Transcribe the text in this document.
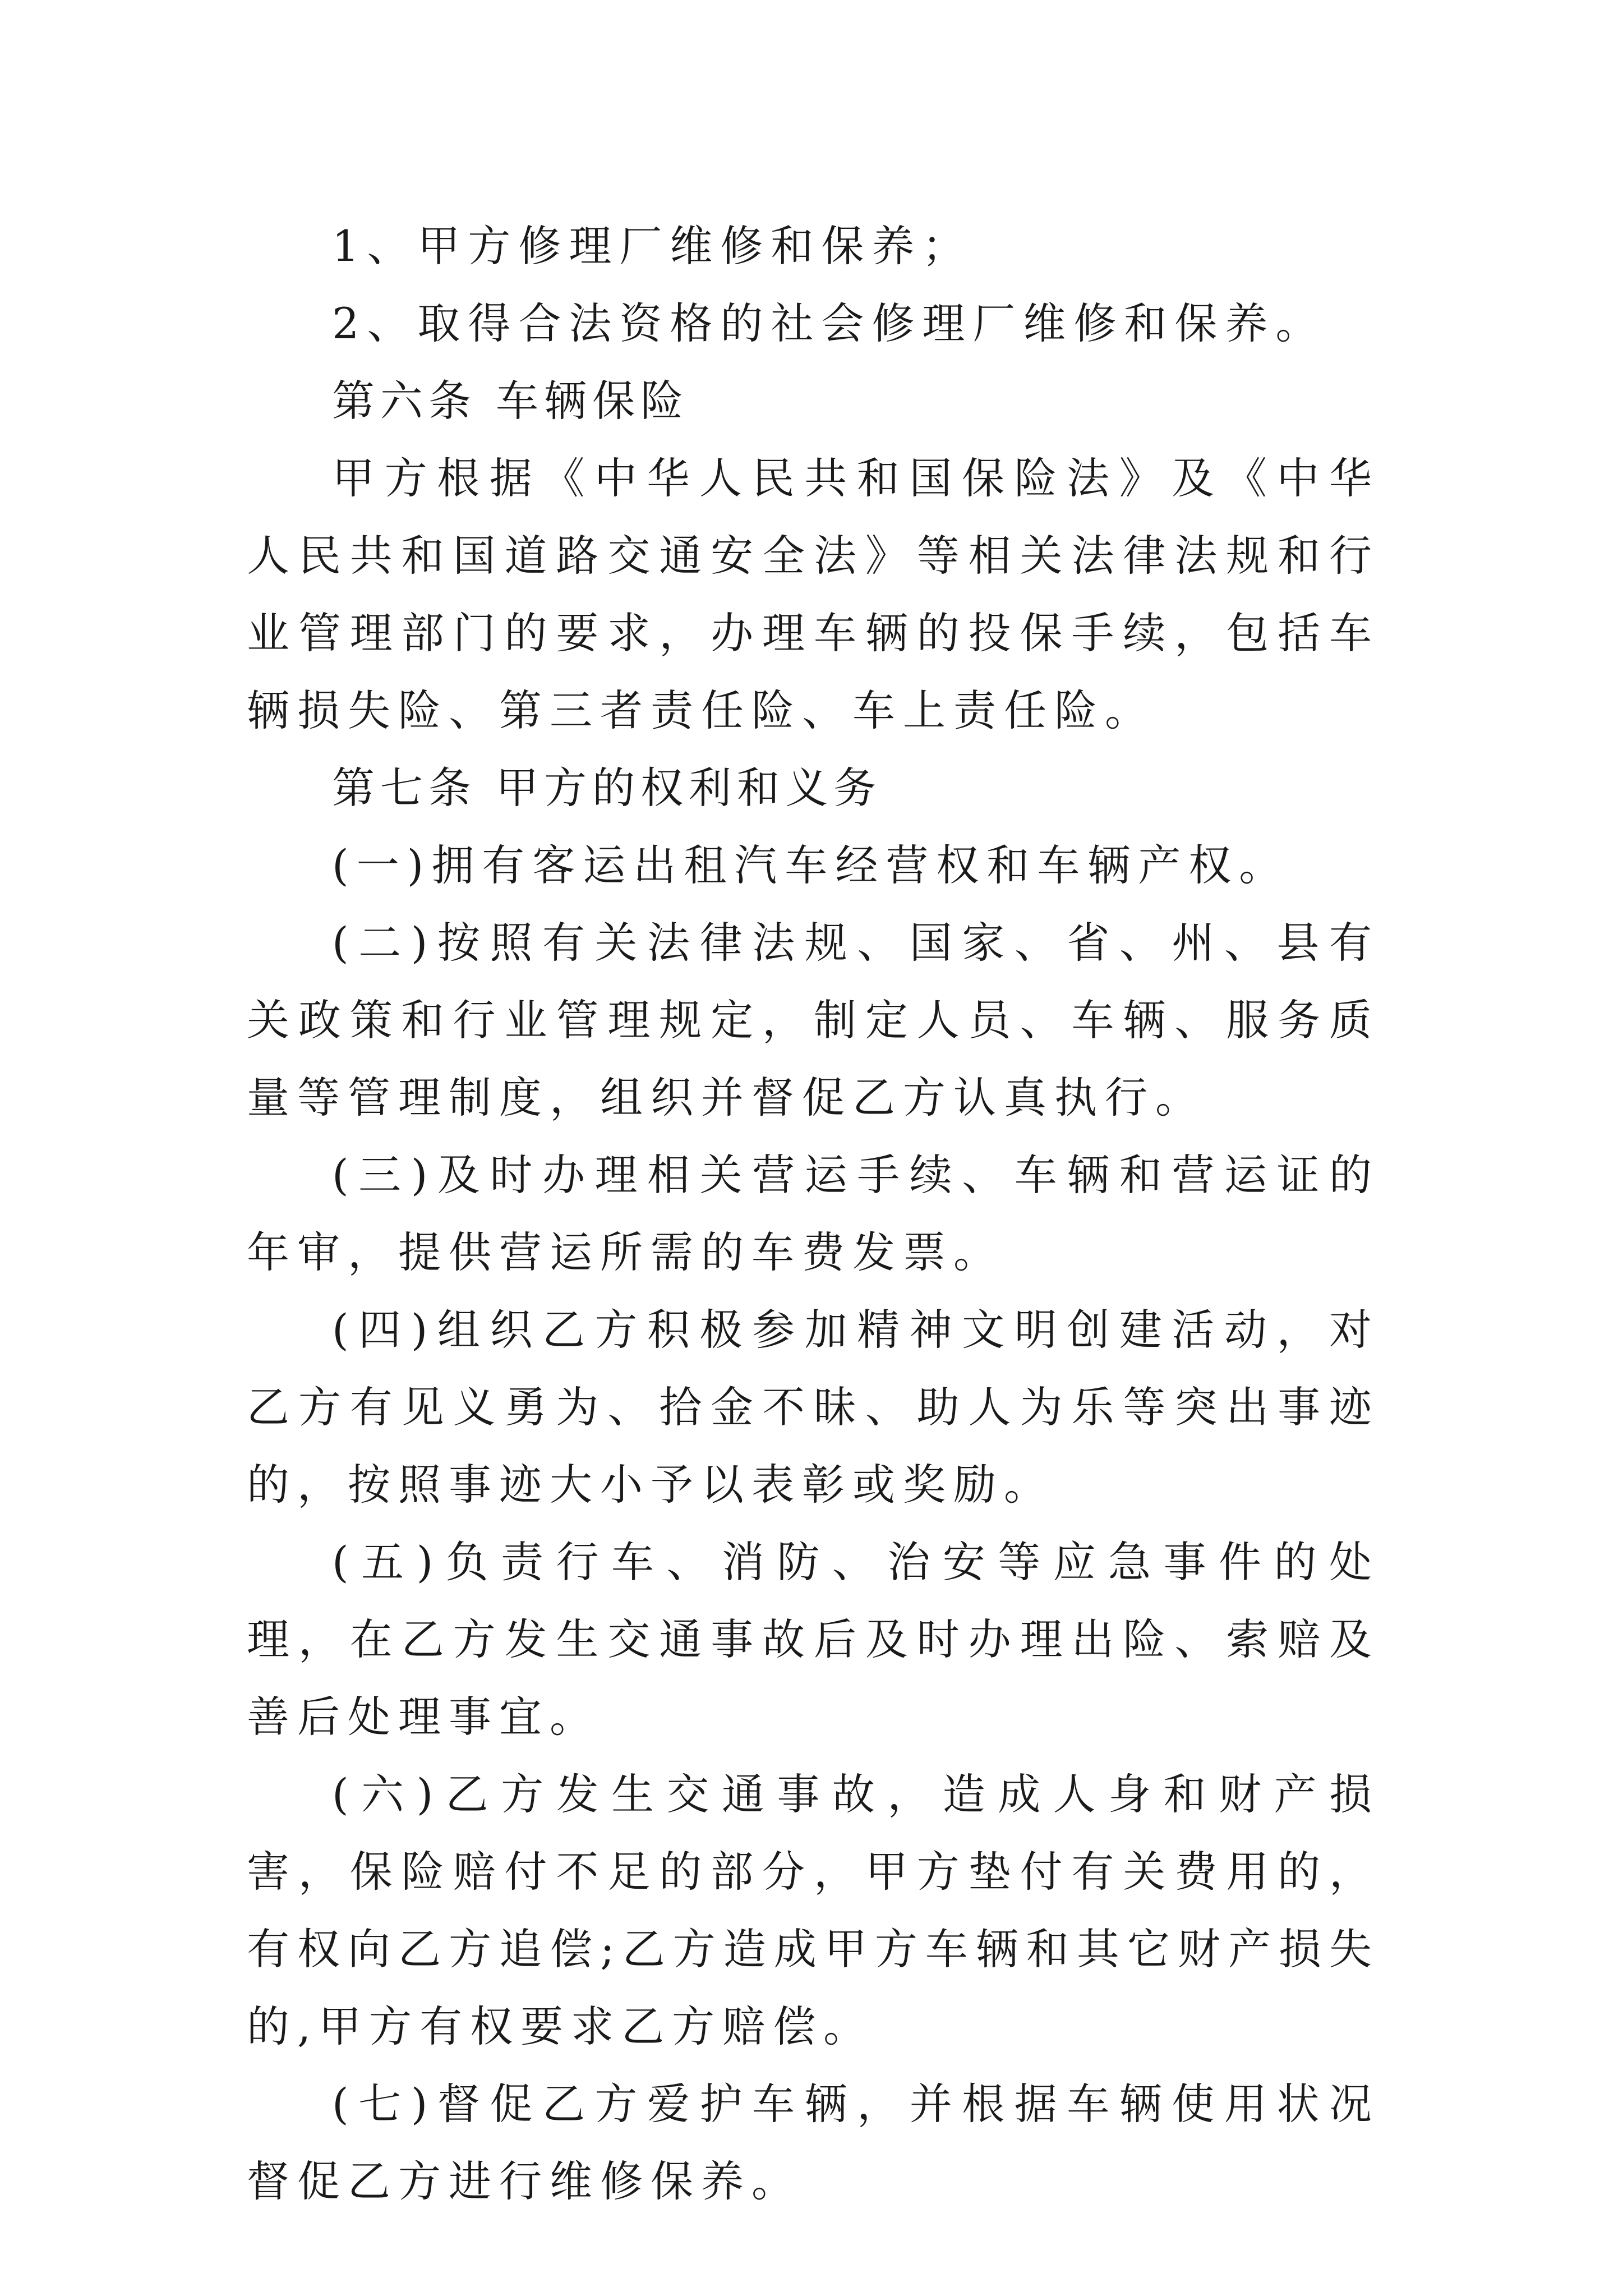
1、甲方修理厂维修和保养；

2、取得合法资格的社会修理厂维修和保养。

第六条 车辆保险

甲方根据《中华人民共和国保险法》及《中华人民共和国道路交通安全法》等相关法律法规和行业管理部门的要求，办理车辆的投保手续，包括车辆损失险、第三者责任险、车上责任险。

第七条 甲方的权利和义务

(一)拥有客运出租汽车经营权和车辆产权。

(二)按照有关法律法规、国家、省、州、县有关政策和行业管理规定，制定人员、车辆、服务质量等管理制度，组织并督促乙方认真执行。

(三)及时办理相关营运手续、车辆和营运证的年审，提供营运所需的车费发票。

(四)组织乙方积极参加精神文明创建活动，对乙方有见义勇为、拾金不昧、助人为乐等突出事迹的，按照事迹大小予以表彰或奖励。

(五)负责行车、消防、治安等应急事件的处理，在乙方发生交通事故后及时办理出险、索赔及善后处理事宜。

(六)乙方发生交通事故，造成人身和财产损害，保险赔付不足的部分，甲方垫付有关费用的，有权向乙方追偿;乙方造成甲方车辆和其它财产损失的,甲方有权要求乙方赔偿。

(七)督促乙方爱护车辆，并根据车辆使用状况督促乙方进行维修保养。
